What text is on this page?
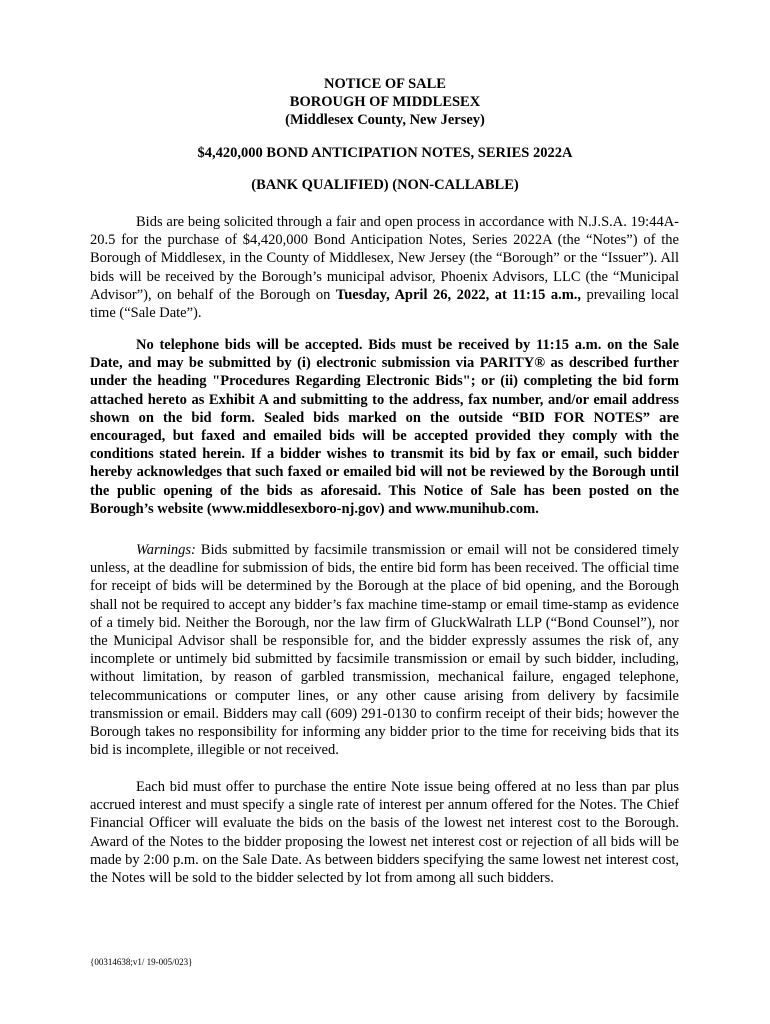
NOTICE OF SALE

BOROUGH OF MIDDLESEX

(Middlesex County, New Jersey)

$4,420,000 BOND ANTICIPATION NOTES, SERIES 2022A

(BANK QUALIFIED) (NON-CALLABLE)

Bids are being solicited through a fair and open process in accordance with N.J.S.A. 19:44A-20.5 for the purchase of $4,420,000 Bond Anticipation Notes, Series 2022A (the “Notes”) of the Borough of Middlesex, in the County of Middlesex, New Jersey (the “Borough” or the “Issuer”). All bids will be received by the Borough’s municipal advisor, Phoenix Advisors, LLC (the “Municipal Advisor”), on behalf of the Borough on Tuesday, April 26, 2022, at 11:15 a.m., prevailing local time (“Sale Date”).

No telephone bids will be accepted. Bids must be received by 11:15 a.m. on the Sale Date, and may be submitted by (i) electronic submission via PARITY® as described further under the heading "Procedures Regarding Electronic Bids"; or (ii) completing the bid form attached hereto as Exhibit A and submitting to the address, fax number, and/or email address shown on the bid form. Sealed bids marked on the outside “BID FOR NOTES” are encouraged, but faxed and emailed bids will be accepted provided they comply with the conditions stated herein. If a bidder wishes to transmit its bid by fax or email, such bidder hereby acknowledges that such faxed or emailed bid will not be reviewed by the Borough until the public opening of the bids as aforesaid. This Notice of Sale has been posted on the Borough’s website (www.middlesexboro-nj.gov) and www.munihub.com.

Warnings: Bids submitted by facsimile transmission or email will not be considered timely unless, at the deadline for submission of bids, the entire bid form has been received. The official time for receipt of bids will be determined by the Borough at the place of bid opening, and the Borough shall not be required to accept any bidder’s fax machine time-stamp or email time-stamp as evidence of a timely bid. Neither the Borough, nor the law firm of GluckWalrath LLP (“Bond Counsel”), nor the Municipal Advisor shall be responsible for, and the bidder expressly assumes the risk of, any incomplete or untimely bid submitted by facsimile transmission or email by such bidder, including, without limitation, by reason of garbled transmission, mechanical failure, engaged telephone, telecommunications or computer lines, or any other cause arising from delivery by facsimile transmission or email. Bidders may call (609) 291-0130 to confirm receipt of their bids; however the Borough takes no responsibility for informing any bidder prior to the time for receiving bids that its bid is incomplete, illegible or not received.

Each bid must offer to purchase the entire Note issue being offered at no less than par plus accrued interest and must specify a single rate of interest per annum offered for the Notes. The Chief Financial Officer will evaluate the bids on the basis of the lowest net interest cost to the Borough. Award of the Notes to the bidder proposing the lowest net interest cost or rejection of all bids will be made by 2:00 p.m. on the Sale Date. As between bidders specifying the same lowest net interest cost, the Notes will be sold to the bidder selected by lot from among all such bidders.

{00314638;v1/ 19-005/023}
